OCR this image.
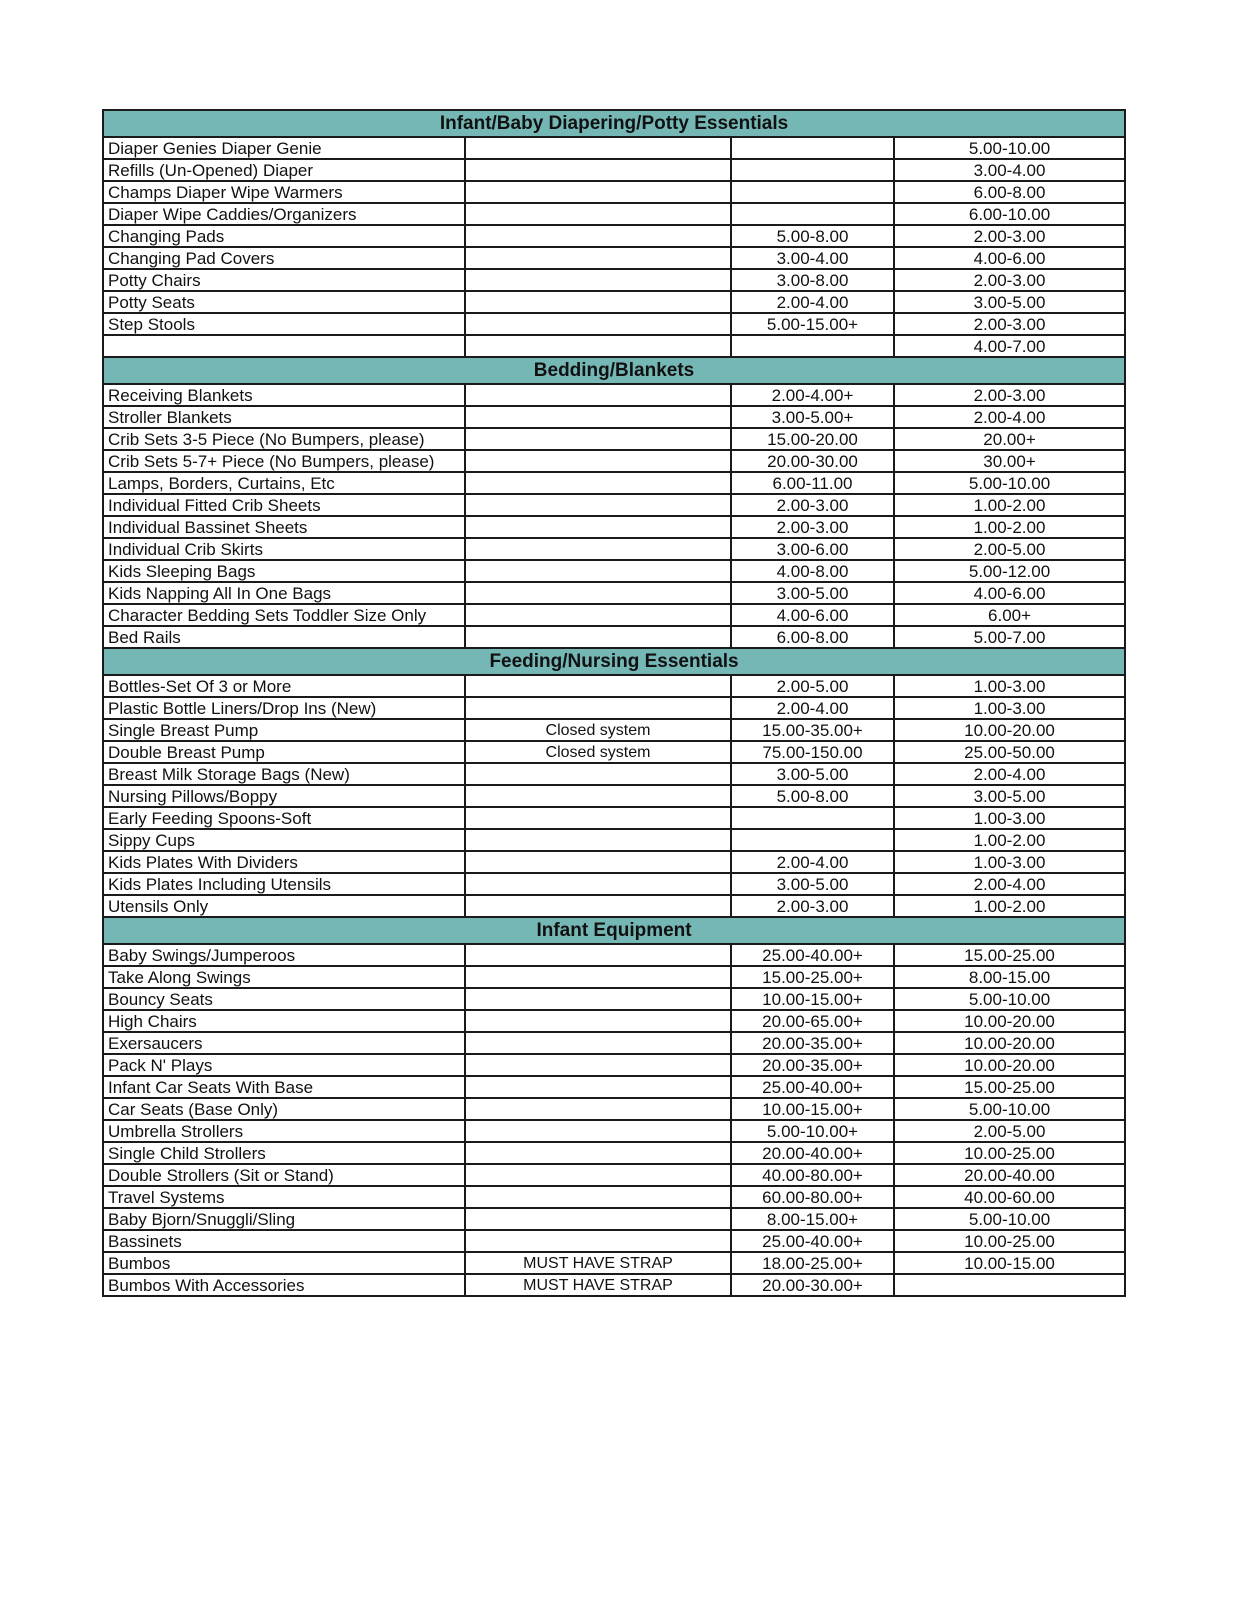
Infant/Baby Diapering/Potty Essentials			
Diaper Genies Diaper Genie			5.00-10.00
Refills (Un-Opened) Diaper			3.00-4.00
Champs Diaper Wipe Warmers			6.00-8.00
Diaper Wipe Caddies/Organizers			6.00-10.00
Changing Pads		5.00-8.00	2.00-3.00
Changing Pad Covers		3.00-4.00	4.00-6.00
Potty Chairs		3.00-8.00	2.00-3.00
Potty Seats		2.00-4.00	3.00-5.00
Step Stools		5.00-15.00+	2.00-3.00
			4.00-7.00
Bedding/Blankets			
Receiving Blankets		2.00-4.00+	2.00-3.00
Stroller Blankets		3.00-5.00+	2.00-4.00
Crib Sets 3-5 Piece (No Bumpers, please)		15.00-20.00	20.00+
Crib Sets 5-7+ Piece (No Bumpers, please)		20.00-30.00	30.00+
Lamps, Borders, Curtains, Etc		6.00-11.00	5.00-10.00
Individual Fitted Crib Sheets		2.00-3.00	1.00-2.00
Individual Bassinet Sheets		2.00-3.00	1.00-2.00
Individual Crib Skirts		3.00-6.00	2.00-5.00
Kids Sleeping Bags		4.00-8.00	5.00-12.00
Kids Napping All In One Bags		3.00-5.00	4.00-6.00
Character Bedding Sets Toddler Size Only		4.00-6.00	6.00+
Bed Rails		6.00-8.00	5.00-7.00
Feeding/Nursing Essentials			
Bottles-Set Of 3 or More		2.00-5.00	1.00-3.00
Plastic Bottle Liners/Drop Ins (New)		2.00-4.00	1.00-3.00
Single Breast Pump	Closed system	15.00-35.00+	10.00-20.00
Double Breast Pump	Closed system	75.00-150.00	25.00-50.00
Breast Milk Storage Bags (New)		3.00-5.00	2.00-4.00
Nursing Pillows/Boppy		5.00-8.00	3.00-5.00
Early Feeding Spoons-Soft			1.00-3.00
Sippy Cups			1.00-2.00
Kids Plates With Dividers		2.00-4.00	1.00-3.00
Kids Plates Including Utensils		3.00-5.00	2.00-4.00
Utensils Only		2.00-3.00	1.00-2.00
Infant Equipment			
Baby Swings/Jumperoos		25.00-40.00+	15.00-25.00
Take Along Swings		15.00-25.00+	8.00-15.00
Bouncy Seats		10.00-15.00+	5.00-10.00
High Chairs		20.00-65.00+	10.00-20.00
Exersaucers		20.00-35.00+	10.00-20.00
Pack N' Plays		20.00-35.00+	10.00-20.00
Infant Car Seats With Base		25.00-40.00+	15.00-25.00
Car Seats (Base Only)		10.00-15.00+	5.00-10.00
Umbrella Strollers		5.00-10.00+	2.00-5.00
Single Child Strollers		20.00-40.00+	10.00-25.00
Double Strollers (Sit or Stand)		40.00-80.00+	20.00-40.00
Travel Systems		60.00-80.00+	40.00-60.00
Baby Bjorn/Snuggli/Sling		8.00-15.00+	5.00-10.00
Bassinets		25.00-40.00+	10.00-25.00
Bumbos	MUST HAVE STRAP	18.00-25.00+	10.00-15.00
Bumbos With Accessories	MUST HAVE STRAP	20.00-30.00+	
